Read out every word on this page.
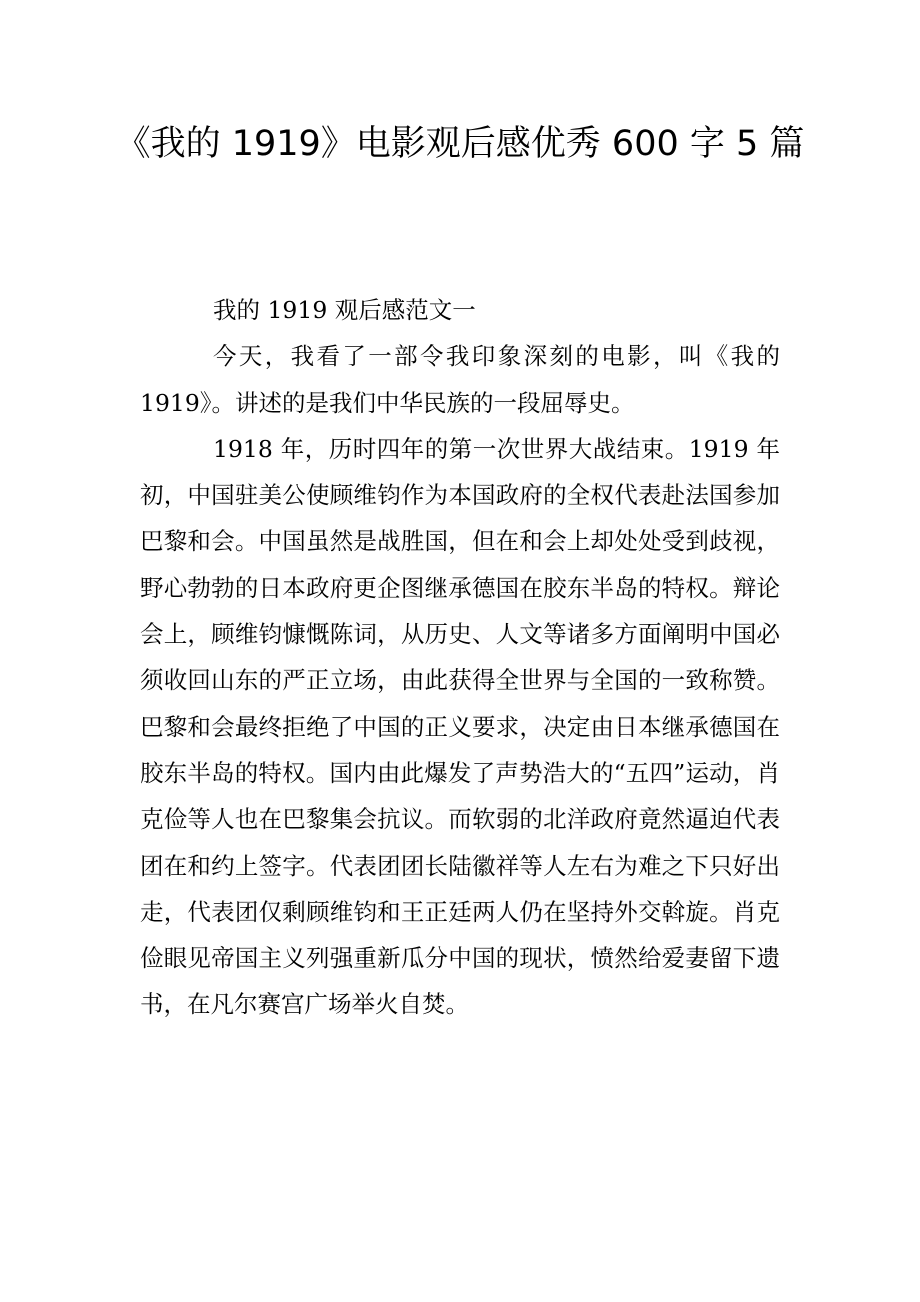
《我的 1919》电影观后感优秀 600 字 5 篇

我的 1919 观后感范文一

今天，我看了一部令我印象深刻的电影，叫《我的 1919》。讲述的是我们中华民族的一段屈辱史。

1918 年，历时四年的第一次世界大战结束。1919 年初，中国驻美公使顾维钧作为本国政府的全权代表赴法国参加巴黎和会。中国虽然是战胜国，但在和会上却处处受到歧视，野心勃勃的日本政府更企图继承德国在胶东半岛的特权。辩论会上，顾维钧慷慨陈词，从历史、人文等诸多方面阐明中国必须收回山东的严正立场，由此获得全世界与全国的一致称赞。巴黎和会最终拒绝了中国的正义要求，决定由日本继承德国在胶东半岛的特权。国内由此爆发了声势浩大的“五四”运动，肖克俭等人也在巴黎集会抗议。而软弱的北洋政府竟然逼迫代表团在和约上签字。代表团团长陆徽祥等人左右为难之下只好出走，代表团仅剩顾维钧和王正廷两人仍在坚持外交斡旋。肖克俭眼见帝国主义列强重新瓜分中国的现状，愤然给爱妻留下遗书，在凡尔赛宫广场举火自焚。
